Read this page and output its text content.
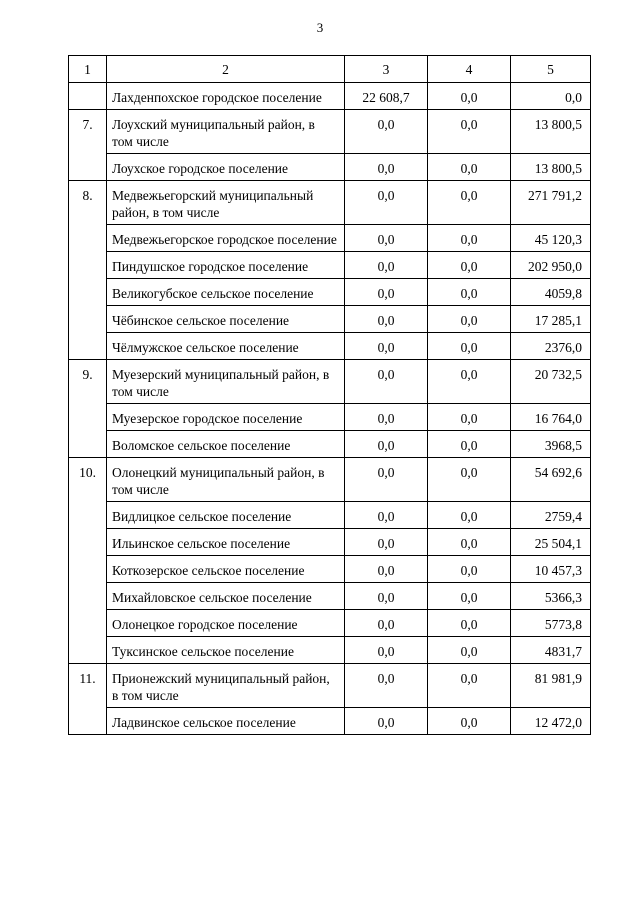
3
1	2	3	4	5
	Лахденпохское городское поселение	22 608,7	0,0	0,0
7.	Лоухский муниципальный район, в том числе	0,0	0,0	13 800,5
	Лоухское городское поселение	0,0	0,0	13 800,5
8.	Медвежьегорский муниципальный район, в том числе	0,0	0,0	271 791,2
	Медвежьегорское городское поселение	0,0	0,0	45 120,3
	Пиндушское городское поселение	0,0	0,0	202 950,0
	Великогубское сельское поселение	0,0	0,0	4059,8
	Чёбинское сельское поселение	0,0	0,0	17 285,1
	Чёлмужское сельское поселение	0,0	0,0	2376,0
9.	Муезерский муниципальный район, в том числе	0,0	0,0	20 732,5
	Муезерское городское поселение	0,0	0,0	16 764,0
	Воломское сельское поселение	0,0	0,0	3968,5
10.	Олонецкий муниципальный район, в том числе	0,0	0,0	54 692,6
	Видлицкое сельское поселение	0,0	0,0	2759,4
	Ильинское сельское поселение	0,0	0,0	25 504,1
	Коткозерское сельское поселение	0,0	0,0	10 457,3
	Михайловское сельское поселение	0,0	0,0	5366,3
	Олонецкое городское поселение	0,0	0,0	5773,8
	Туксинское сельское поселение	0,0	0,0	4831,7
11.	Прионежский муниципальный район, в том числе	0,0	0,0	81 981,9
	Ладвинское сельское поселение	0,0	0,0	12 472,0
